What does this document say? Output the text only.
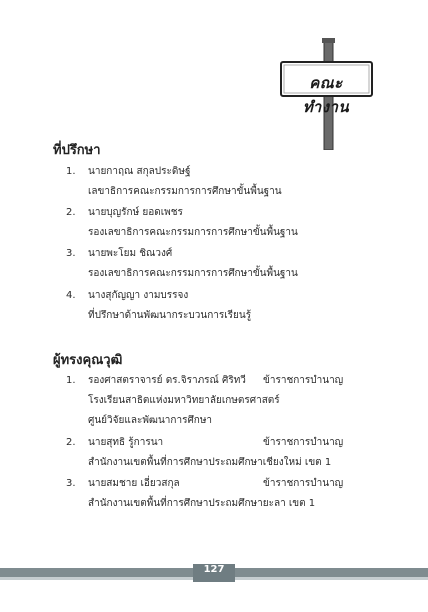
คณะทำงาน
ที่ปรึกษา
1. นายกาฤณ สกุลประดิษฐ์
เลขาธิการคณะกรรมการการศึกษาขั้นพื้นฐาน
2. นายบุญรักษ์ ยอดเพชร
รองเลขาธิการคณะกรรมการการศึกษาขั้นพื้นฐาน
3. นายพะโยม ชิณวงศ์
รองเลขาธิการคณะกรรมการการศึกษาขั้นพื้นฐาน
4. นางสุกัญญา งามบรรจง
ที่ปรึกษาด้านพัฒนากระบวนการเรียนรู้
ผู้ทรงคุณวุฒิ
1. รองศาสตราจารย์ ดร.จิราภรณ์ ศิริทวี ข้าราชการบำนาญ
โรงเรียนสาธิตแห่งมหาวิทยาลัยเกษตรศาสตร์
ศูนย์วิจัยและพัฒนาการศึกษา
2. นายสุทธิ รู้การนา	ข้าราชการบำนาญ
สำนักงานเขตพื้นที่การศึกษาประถมศึกษาเชียงใหม่ เขต 1
3. นายสมชาย เอี่ยวสกุล	ข้าราชการบำนาญ
สำนักงานเขตพื้นที่การศึกษาประถมศึกษายะลา เขต 1
127
